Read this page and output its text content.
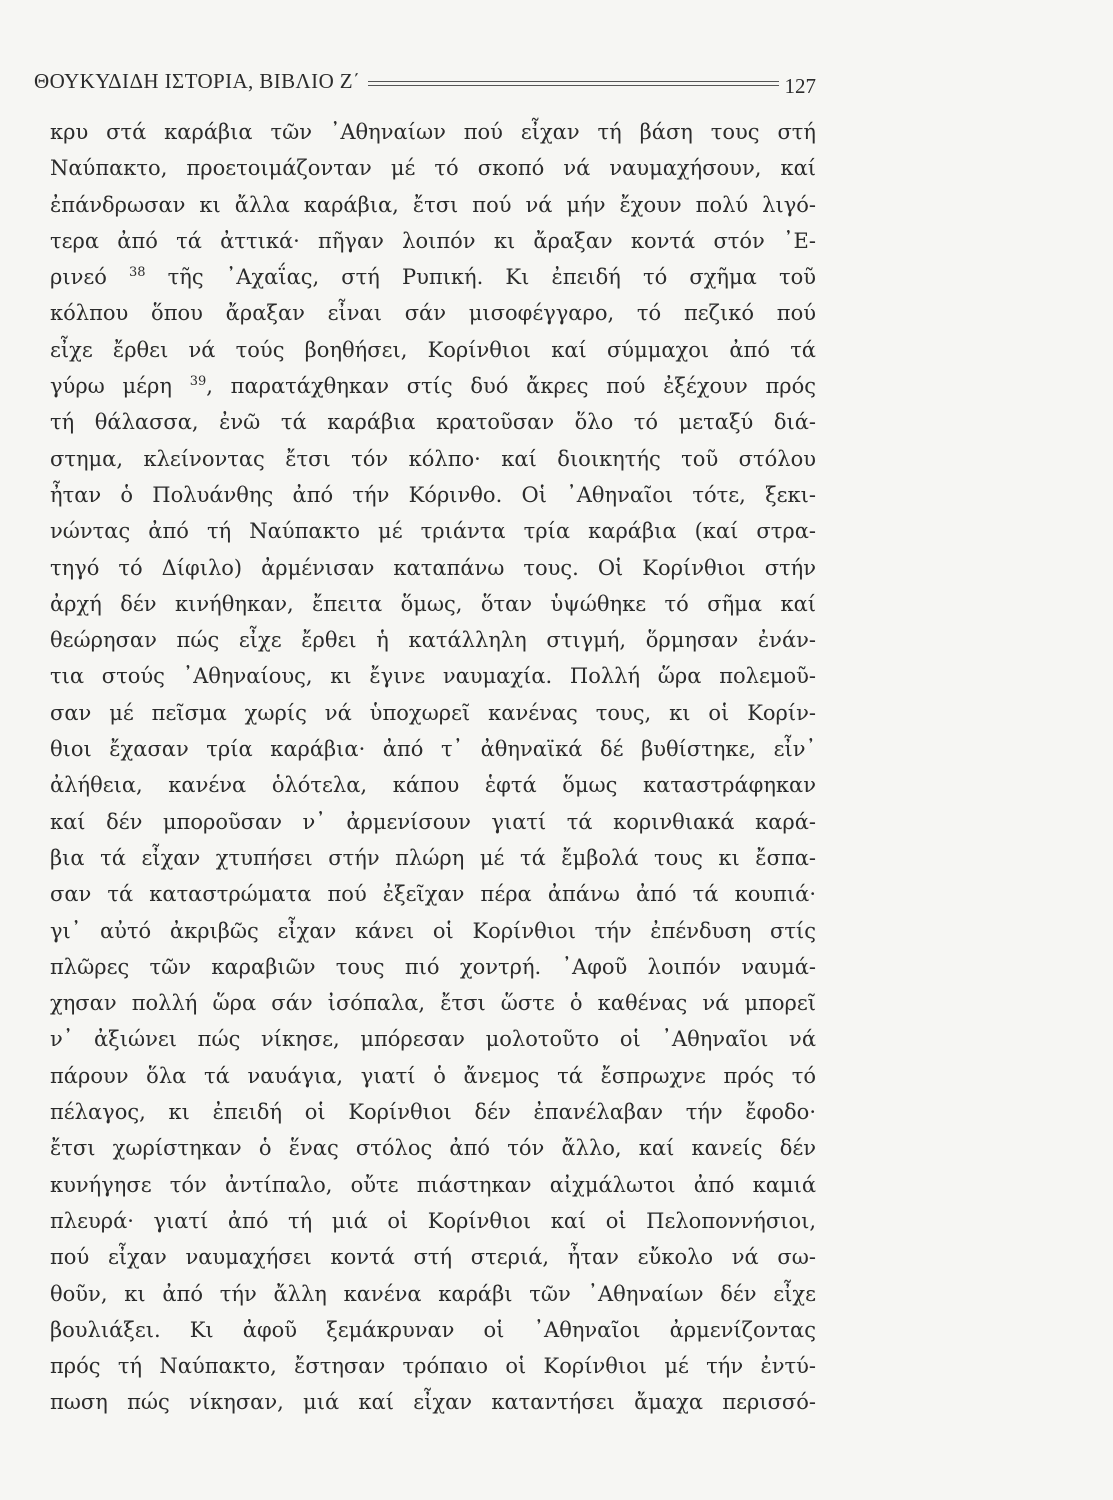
ΘΟΥΚΥΔΙΔΗ ΙΣΤΟΡΙΑ, ΒΙΒΛΙΟ Ζ΄	127
κρυ στά καράβια τῶν ᾿Αθηναίων πού εἶχαν τή βάση τους στή
Ναύπακτο, προετοιμάζονταν μέ τό σκοπό νά ναυμαχήσουν, καί
ἐπάνδρωσαν κι ἄλλα καράβια, ἔτσι πού νά μήν ἔχουν πολύ λιγό-
τερα ἀπό τά ἀττικά· πῆγαν λοιπόν κι ἄραξαν κοντά στόν ᾿Ε-
ρινεό $^{38}$ τῆς ᾿Αχαΐας, στή Ρυπική. Κι ἐπειδή τό σχῆμα τοῦ
κόλπου ὅπου ἄραξαν εἶναι σάν μισοφέγγαρο, τό πεζικό πού
εἶχε ἔρθει νά τούς βοηθήσει, Κορίνθιοι καί σύμμαχοι ἀπό τά
γύρω μέρη $^{39}$, παρατάχθηκαν στίς δυό ἄκρες πού ἐξέχουν πρός
τή θάλασσα, ἐνῶ τά καράβια κρατοῦσαν ὅλο τό μεταξύ διά-
στημα, κλείνοντας ἔτσι τόν κόλπο· καί διοικητής τοῦ στόλου
ἦταν ὁ Πολυάνθης ἀπό τήν Κόρινθο. Οἱ ᾿Αθηναῖοι τότε, ξεκι-
νώντας ἀπό τή Ναύπακτο μέ τριάντα τρία καράβια (καί στρα-
τηγό τό Δίφιλο) ἀρμένισαν καταπάνω τους. Οἱ Κορίνθιοι στήν
ἀρχή δέν κινήθηκαν, ἔπειτα ὅμως, ὅταν ὑψώθηκε τό σῆμα καί
θεώρησαν πώς εἶχε ἔρθει ἡ κατάλληλη στιγμή, ὅρμησαν ἐνάν-
τια στούς ᾿Αθηναίους, κι ἔγινε ναυμαχία. Πολλή ὥρα πολεμοῦ-
σαν μέ πεῖσμα χωρίς νά ὑποχωρεῖ κανένας τους, κι οἱ Κορίν-
θιοι ἔχασαν τρία καράβια· ἀπό τ᾿ ἀθηναϊκά δέ βυθίστηκε, εἶν᾿
ἀλήθεια, κανένα ὁλότελα, κάπου ἑφτά ὅμως καταστράφηκαν
καί δέν μποροῦσαν ν᾿ ἀρμενίσουν γιατί τά κορινθιακά καρά-
βια τά εἶχαν χτυπήσει στήν πλώρη μέ τά ἔμβολά τους κι ἔσπα-
σαν τά καταστρώματα πού ἐξεῖχαν πέρα ἀπάνω ἀπό τά κουπιά·
γι᾿ αὐτό ἀκριβῶς εἶχαν κάνει οἱ Κορίνθιοι τήν ἐπένδυση στίς
πλῶρες τῶν καραβιῶν τους πιό χοντρή. ᾿Αφοῦ λοιπόν ναυμά-
χησαν πολλή ὥρα σάν ἰσόπαλα, ἔτσι ὥστε ὁ καθένας νά μπορεῖ
ν᾿ ἀξιώνει πώς νίκησε, μπόρεσαν μολοτοῦτο οἱ ᾿Αθηναῖοι νά
πάρουν ὅλα τά ναυάγια, γιατί ὁ ἄνεμος τά ἔσπρωχνε πρός τό
πέλαγος, κι ἐπειδή οἱ Κορίνθιοι δέν ἐπανέλαβαν τήν ἔφοδο·
ἔτσι χωρίστηκαν ὁ ἕνας στόλος ἀπό τόν ἄλλο, καί κανείς δέν
κυνήγησε τόν ἀντίπαλο, οὔτε πιάστηκαν αἰχμάλωτοι ἀπό καμιά
πλευρά· γιατί ἀπό τή μιά οἱ Κορίνθιοι καί οἱ Πελοποννήσιοι,
πού εἶχαν ναυμαχήσει κοντά στή στεριά, ἦταν εὔκολο νά σω-
θοῦν, κι ἀπό τήν ἄλλη κανένα καράβι τῶν ᾿Αθηναίων δέν εἶχε
βουλιάξει. Κι ἀφοῦ ξεμάκρυναν οἱ ᾿Αθηναῖοι ἀρμενίζοντας
πρός τή Ναύπακτο, ἔστησαν τρόπαιο οἱ Κορίνθιοι μέ τήν ἐντύ-
πωση πώς νίκησαν, μιά καί εἶχαν καταντήσει ἄμαχα περισσό-
